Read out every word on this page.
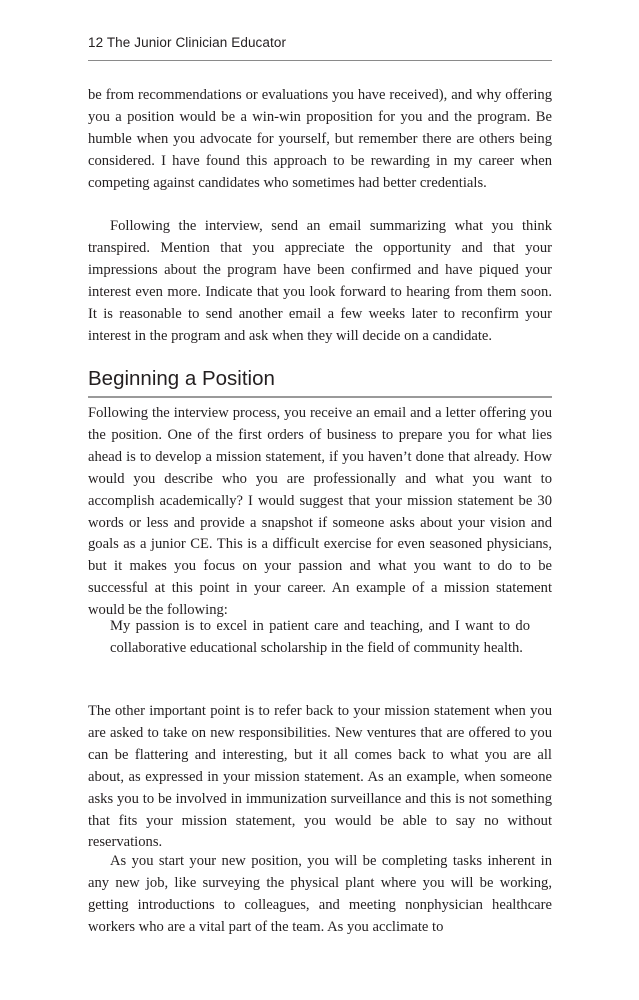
12 The Junior Clinician Educator

be from recommendations or evaluations you have received), and why offering you a position would be a win-win proposition for you and the program. Be humble when you advocate for yourself, but remember there are others being considered. I have found this approach to be rewarding in my career when competing against candidates who sometimes had better credentials.

Following the interview, send an email summarizing what you think transpired. Mention that you appreciate the opportunity and that your impressions about the program have been confirmed and have piqued your interest even more. Indicate that you look forward to hearing from them soon. It is reasonable to send another email a few weeks later to reconfirm your interest in the program and ask when they will decide on a candidate.

Beginning a Position

Following the interview process, you receive an email and a letter offering you the position. One of the first orders of business to prepare you for what lies ahead is to develop a mission statement, if you haven’t done that already. How would you describe who you are professionally and what you want to accomplish academically? I would suggest that your mission statement be 30 words or less and provide a snapshot if someone asks about your vision and goals as a junior CE. This is a difficult exercise for even seasoned physicians, but it makes you focus on your passion and what you want to do to be successful at this point in your career. An example of a mission statement would be the following:

My passion is to excel in patient care and teaching, and I want to do collaborative educational scholarship in the field of community health.

The other important point is to refer back to your mission statement when you are asked to take on new responsibilities. New ventures that are offered to you can be flattering and interesting, but it all comes back to what you are all about, as expressed in your mission statement. As an example, when someone asks you to be involved in immunization surveillance and this is not something that fits your mission statement, you would be able to say no without reservations.

As you start your new position, you will be completing tasks inherent in any new job, like surveying the physical plant where you will be working, getting introductions to colleagues, and meeting nonphysician healthcare workers who are a vital part of the team. As you acclimate to
